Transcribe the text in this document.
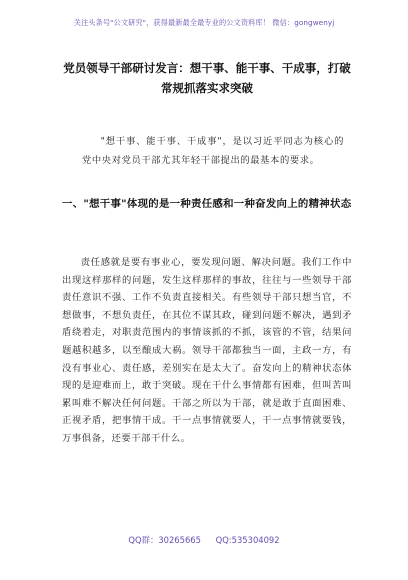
关注头条号"公文研究"，获得最新最全最专业的公文资料库！ 微信：gongwenyj
党员领导干部研讨发言：想干事、能干事、干成事，打破常规抓落实求突破
"想干事、能干事、干成事"，是以习近平同志为核心的党中央对党员干部尤其年轻干部提出的最基本的要求。
一、"想干事"体现的是一种责任感和一种奋发向上的精神状态
责任感就是要有事业心，要发现问题、解决问题。我们工作中出现这样那样的问题，发生这样那样的事故，往往与一些领导干部责任意识不强、工作不负责直接相关。有些领导干部只想当官，不想做事，不想负责任，在其位不谋其政，碰到问题不解决，遇到矛盾绕着走，对职责范围内的事情该抓的不抓，该管的不管，结果问题越积越多，以至酿成大祸。领导干部都独当一面，主政一方，有没有事业心、责任感，差别实在是太大了。奋发向上的精神状态体现的是迎难而上，敢于突破。现在干什么事情都有困难，但叫苦叫累叫难不解决任何问题。干部之所以为干部，就是敢于直面困难、正视矛盾，把事情干成。干一点事情就要人，干一点事情就要钱，万事俱备，还要干部干什么。
QQ群：30265665 QQ:535304092
